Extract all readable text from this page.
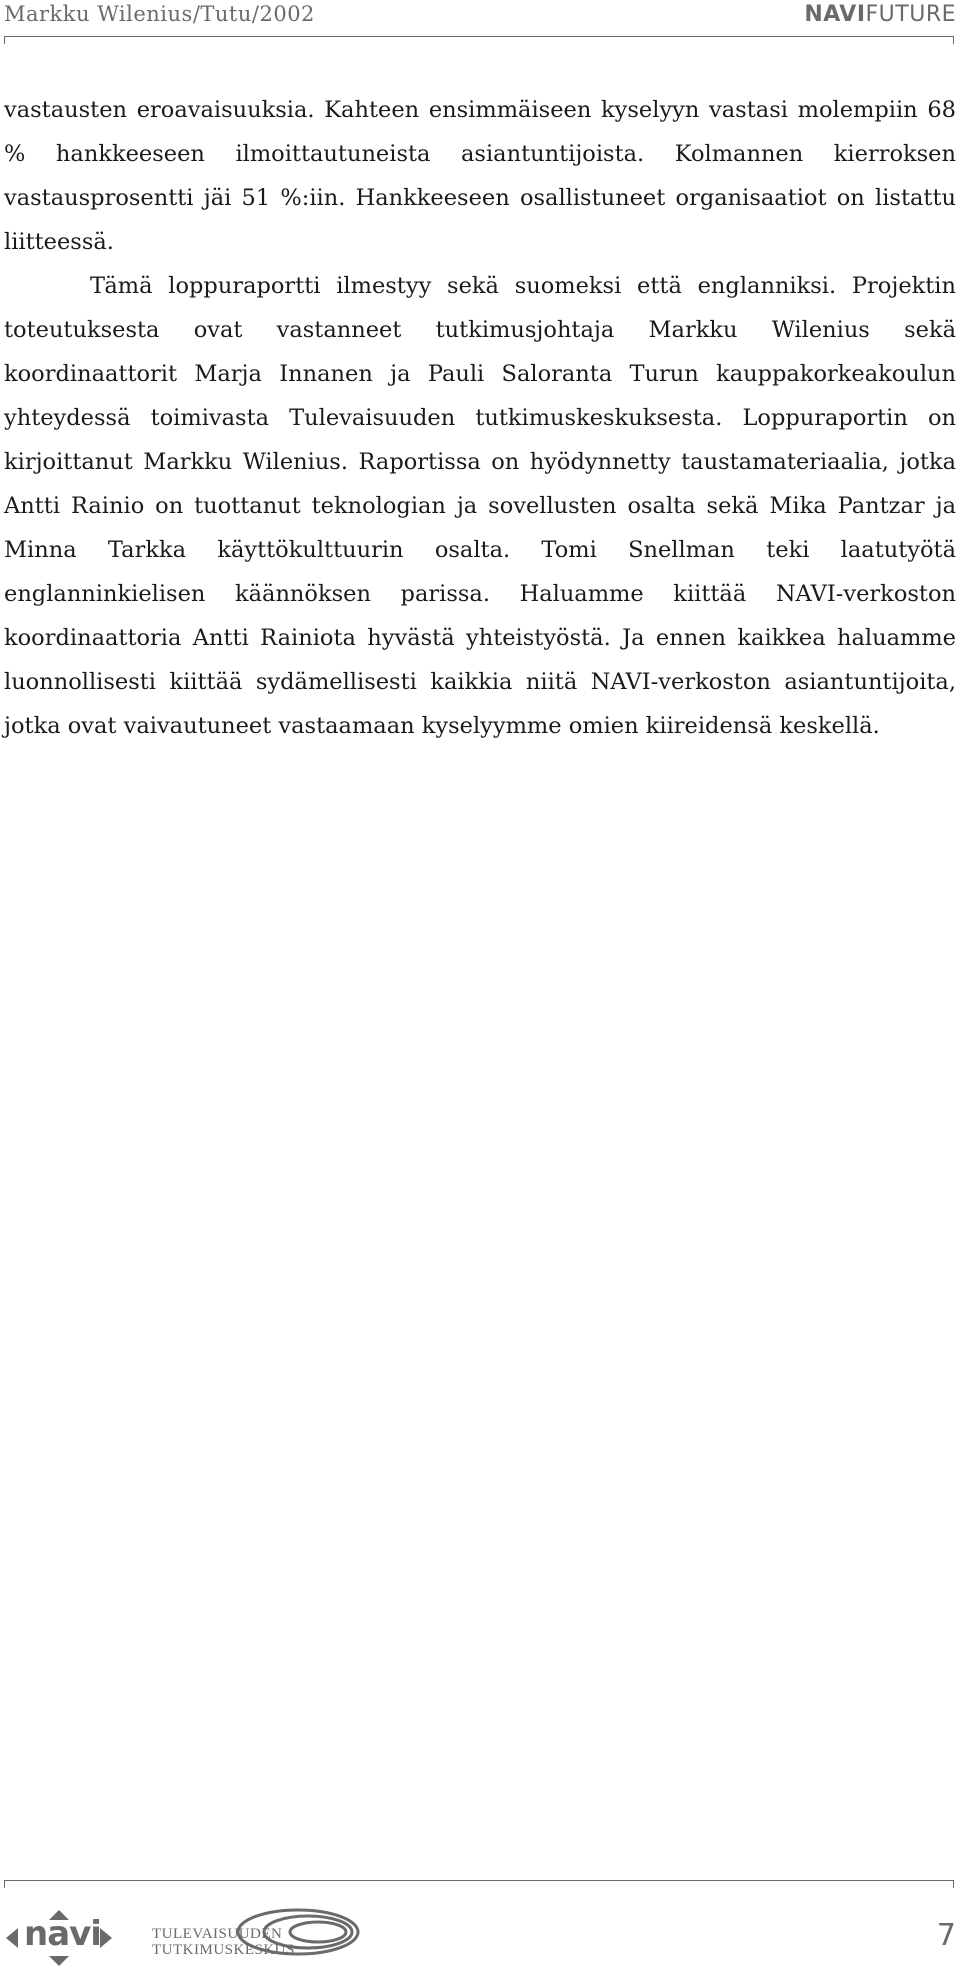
Markku Wilenius/Tutu/2002	NAVIFUTURE

vastausten eroavaisuuksia. Kahteen ensimmäiseen kyselyyn vastasi molempiin 68 % hankkeeseen ilmoittautuneista asiantuntijoista. Kolmannen kierroksen vastausprosentti jäi 51 %:iin. Hankkeeseen osallistuneet organisaatiot on listattu liitteessä.

Tämä loppuraportti ilmestyy sekä suomeksi että englanniksi. Projektin toteutuksesta ovat vastanneet tutkimusjohtaja Markku Wilenius sekä koordinaattorit Marja Innanen ja Pauli Saloranta Turun kauppakorkeakoulun yhteydessä toimivasta Tulevaisuuden tutkimuskeskuksesta. Loppuraportin on kirjoittanut Markku Wilenius. Raportissa on hyödynnetty taustamateriaalia, jotka Antti Rainio on tuottanut teknologian ja sovellusten osalta sekä Mika Pantzar ja Minna Tarkka käyttökulttuurin osalta. Tomi Snellman teki laatutyötä englanninkielisen käännöksen parissa. Haluamme kiittää NAVI-verkoston koordinaattoria Antti Rainiota hyvästä yhteistyöstä. Ja ennen kaikkea haluamme luonnollisesti kiittää sydämellisesti kaikkia niitä NAVI-verkoston asiantuntijoita, jotka ovat vaivautuneet vastaamaan kyselyymme omien kiireidensä keskellä.

navi	TULEVAISUUDEN
TUTKIMUSKESKUS	7
